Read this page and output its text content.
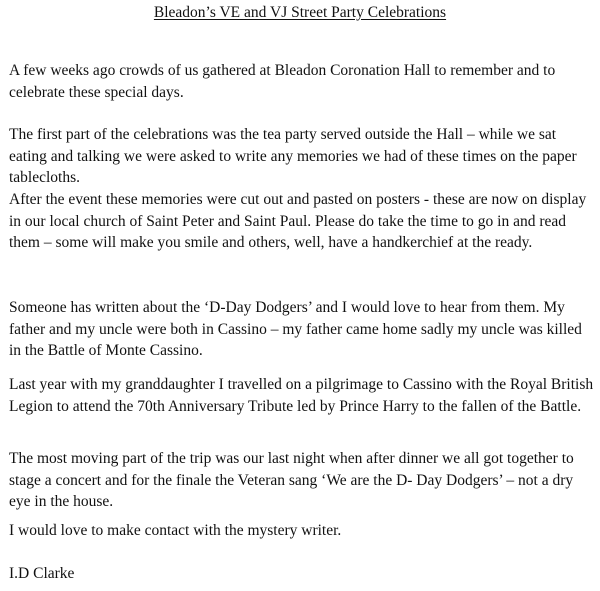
Bleadon’s VE and VJ Street Party Celebrations

A few weeks ago crowds of us gathered at Bleadon Coronation Hall to remember and to celebrate these special days.

The first part of the celebrations was the tea party served outside the Hall – while we sat eating and talking we were asked to write any memories we had of these times on the paper tablecloths.

After the event these memories were cut out and pasted on posters - these are now on display in our local church of Saint Peter and Saint Paul. Please do take the time to go in and read them – some will make you smile and others, well, have a handkerchief at the ready.

Someone has written about the ‘D-Day Dodgers’ and I would love to hear from them. My father and my uncle were both in Cassino – my father came home sadly my uncle was killed in the Battle of Monte Cassino.

Last year with my granddaughter I travelled on a pilgrimage to Cassino with the Royal British Legion to attend the 70th Anniversary Tribute led by Prince Harry to the fallen of the Battle.

The most moving part of the trip was our last night when after dinner we all got together to stage a concert and for the finale the Veteran sang ‘We are the D- Day Dodgers’ – not a dry eye in the house.

I would love to make contact with the mystery writer.

I.D Clarke
